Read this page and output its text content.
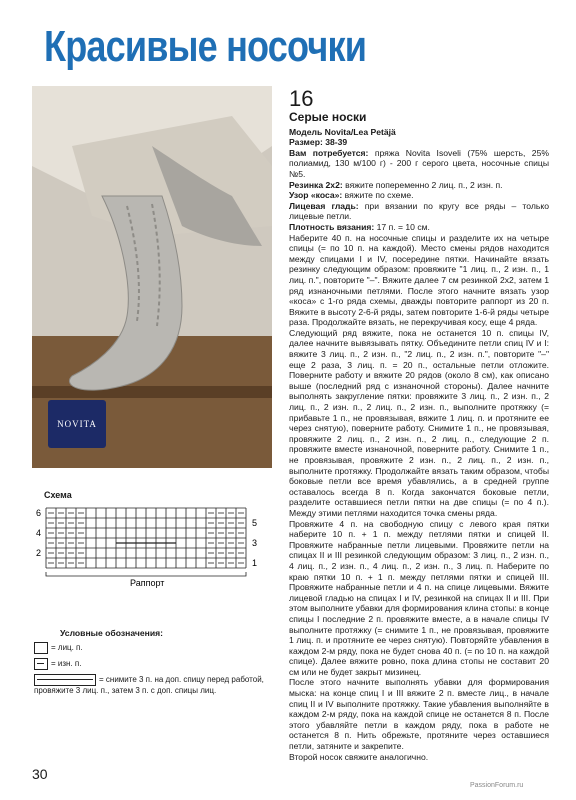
Красивые носочки
NOVITA
16

Серые носки

Модель Novita/Lea Petäjä

Размер: 38-39

Вам потребуется: пряжа Novita Isoveli (75% шерсть, 25% полиамид, 130 м/100 г) - 200 г серого цвета, носочные спицы №5.

Резинка 2х2: вяжите попеременно 2 лиц. п., 2 изн. п.

Узор «коса»: вяжите по схеме.

Лицевая гладь: при вязании по кругу все ряды – только лицевые петли.

Плотность вязания: 17 п. = 10 см.

Наберите 40 п. на носочные спицы и разделите их на четыре спицы (= по 10 п. на каждой). Место смены рядов находится между спицами I и IV, посередине пятки. Начинайте вязать резинку следующим образом: провяжите "1 лиц. п., 2 изн. п., 1 лиц. п.", повторите "–". Вяжите далее 7 см резинкой 2х2, затем 1 ряд изнаночными петлями. После этого начните вязать узор «коса» с 1-го ряда схемы, дважды повторите раппорт из 20 п. Вяжите в высоту 2-6-й ряды, затем повторите 1-6-й ряды четыре раза. Продолжайте вязать, не перекручивая косу, еще 4 ряда.

Следующий ряд вяжите, пока не останется 10 п. спицы IV, далее начните вывязывать пятку. Объедините петли спиц IV и I: вяжите 3 лиц. п., 2 изн. п., "2 лиц. п., 2 изн. п.", повторите "–" еще 2 раза, 3 лиц. п. = 20 п., остальные петли отложите. Поверните работу и вяжите 20 рядов (около 8 см), как описано выше (последний ряд с изнаночной стороны). Далее начните выполнять закругление пятки: провяжите 3 лиц. п., 2 изн. п., 2 лиц. п., 2 изн. п., 2 лиц. п., 2 изн. п., выполните протяжку (= прибавьте 1 п., не провязывая, вяжите 1 лиц. п. и протяните ее через снятую), поверните работу. Снимите 1 п., не провязывая, провяжите 2 лиц. п., 2 изн. п., 2 лиц. п., следующие 2 п. провяжите вместе изнаночной, поверните работу. Снимите 1 п., не провязывая, провяжите 2 изн. п., 2 лиц. п., 2 изн. п., выполните протяжку. Продолжайте вязать таким образом, чтобы боковые петли все время убавлялись, а в средней группе оставалось всегда 8 п. Когда закончатся боковые петли, разделите оставшиеся петли пятки на две спицы (= по 4 п.). Между этими петлями находится точка смены ряда.

Провяжите 4 п. на свободную спицу с левого края пятки наберите 10 п. + 1 п. между петлями пятки и спицей II. Провяжите набранные петли лицевыми. Провяжите петли на спицах II и III резинкой следующим образом: 3 лиц. п., 2 изн. п., 4 лиц. п., 2 изн. п., 4 лиц. п., 2 изн. п., 3 лиц. п. Наберите по краю пятки 10 п. + 1 п. между петлями пятки и спицей III. Провяжите набранные петли и 4 п. на спице лицевыми. Вяжите лицевой гладью на спицах I и IV, резинкой на спицах II и III. При этом выполните убавки для формирования клина стопы: в конце спицы I последние 2 п. провяжите вместе, а в начале спицы IV выполните протяжку (= снимите 1 п., не провязывая, провяжите 1 лиц. п. и протяните ее через снятую). Повторяйте убавления в каждом 2-м ряду, пока не будет снова 40 п. (= по 10 п. на каждой спице). Далее вяжите ровно, пока длина стопы не составит 20 см или не будет закрыт мизинец.

После этого начните выполнять убавки для формирования мыска: на конце спиц I и III вяжите 2 п. вместе лиц., в начале спиц II и IV выполните протяжку. Такие убавления выполняйте в каждом 2-м ряду, пока на каждой спице не останется 8 п. После этого убавляйте петли в каждом ряду, пока в работе не останется 8 п. Нить обрежьте, протяните через оставшиеся петли, затяните и закрепите.

Второй носок свяжите аналогично.

Схема
6
4
2
5
3
1
Раппорт
Условные обозначения:
= лиц. п.
= изн. п.
= снимите 3 п. на доп. спицу перед работой, провяжите 3 лиц. п., затем 3 п. с доп. спицы лиц.
30
PassionForum.ru
